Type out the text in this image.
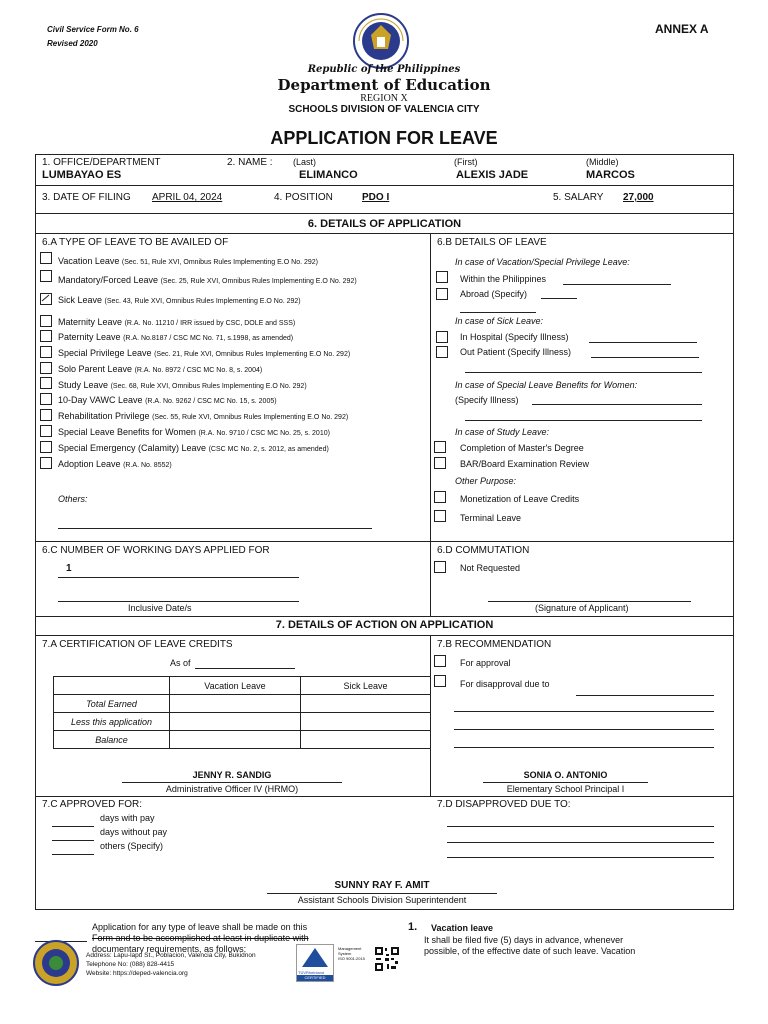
Civil Service Form No. 6
Revised 2020
ANNEX A
Republic of the Philippines
Department of Education
REGION X
SCHOOLS DIVISION OF VALENCIA CITY
APPLICATION FOR LEAVE
1. OFFICE/DEPARTMENT	2. NAME : (Last)	(First)	(Middle)
LUMBAYAO ES	ELIMANCO	ALEXIS JADE	MARCOS
3. DATE OF FILING APRIL 04, 2024	4. POSITION	PDO I	5. SALARY 27,000
6. DETAILS OF APPLICATION
6.A TYPE OF LEAVE TO BE AVAILED OF
Vacation Leave (Sec. 51, Rule XVI, Omnibus Rules Implementing E.O No. 292)
Mandatory/Forced Leave (Sec. 25, Rule XVI, Omnibus Rules Implementing E.O No. 292)
Sick Leave (Sec. 43, Rule XVI, Omnibus Rules Implementing E.O No. 292)
Maternity Leave (R.A. No. 11210 / IRR issued by CSC, DOLE and SSS)
Paternity Leave (R.A. No.8187 / CSC MC No. 71, s.1998, as amended)
Special Privilege Leave (Sec. 21, Rule XVI, Omnibus Rules Implementing E.O No. 292)
Solo Parent Leave (R.A. No. 8972 / CSC MC No. 8, s. 2004)
Study Leave (Sec. 68, Rule XVI, Omnibus Rules Implementing E.O No. 292)
10-Day VAWC Leave (R.A. No. 9262 / CSC MC No. 15, s. 2005)
Rehabilitation Privilege (Sec. 55, Rule XVI, Omnibus Rules Implementing E.O No. 292)
Special Leave Benefits for Women (R.A. No. 9710 / CSC MC No. 25, s. 2010)
Special Emergency (Calamity) Leave (CSC MC No. 2, s. 2012, as amended)
Adoption Leave (R.A. No. 8552)
Others:
6.B DETAILS OF LEAVE
In case of Vacation/Special Privilege Leave:
Within the Philippines
Abroad (Specify)
In case of Sick Leave:
In Hospital (Specify Illness)
Out Patient (Specify Illness)
In case of Special Leave Benefits for Women:
(Specify Illness)
In case of Study Leave:
Completion of Master's Degree
BAR/Board Examination Review
Other Purpose:
Monetization of Leave Credits
Terminal Leave
6.C NUMBER OF WORKING DAYS APPLIED FOR
1
Inclusive Date/s
6.D COMMUTATION
Not Requested
(Signature of Applicant)
7. DETAILS OF ACTION ON APPLICATION
7.A CERTIFICATION OF LEAVE CREDITS
As of
	Vacation Leave	Sick Leave
Total Earned		
Less this application		
Balance		
JENNY R. SANDIG
Administrative Officer IV (HRMO)
7.B RECOMMENDATION
For approval
For disapproval due to
SONIA O. ANTONIO
Elementary School Principal I
7.C APPROVED FOR:
days with pay
days without pay
others (Specify)
7.D DISAPPROVED DUE TO:
SUNNY RAY F. AMIT
Assistant Schools Division Superintendent
Application for any type of leave shall be made on this
Form and to be accomplished at least in duplicate with
documentary requirements, as follows:
1. Vacation leave
It shall be filed five (5) days in advance, whenever
possible, of the effective date of such leave. Vacation
Address: Lapu-lapu St., Poblacion, Valencia City, Bukidnon
Telephone No: (088) 828-4415
Website: https://deped-valencia.org	TÜVRheinland
CERTIFIED
Management
System
ISO 9001:2015
